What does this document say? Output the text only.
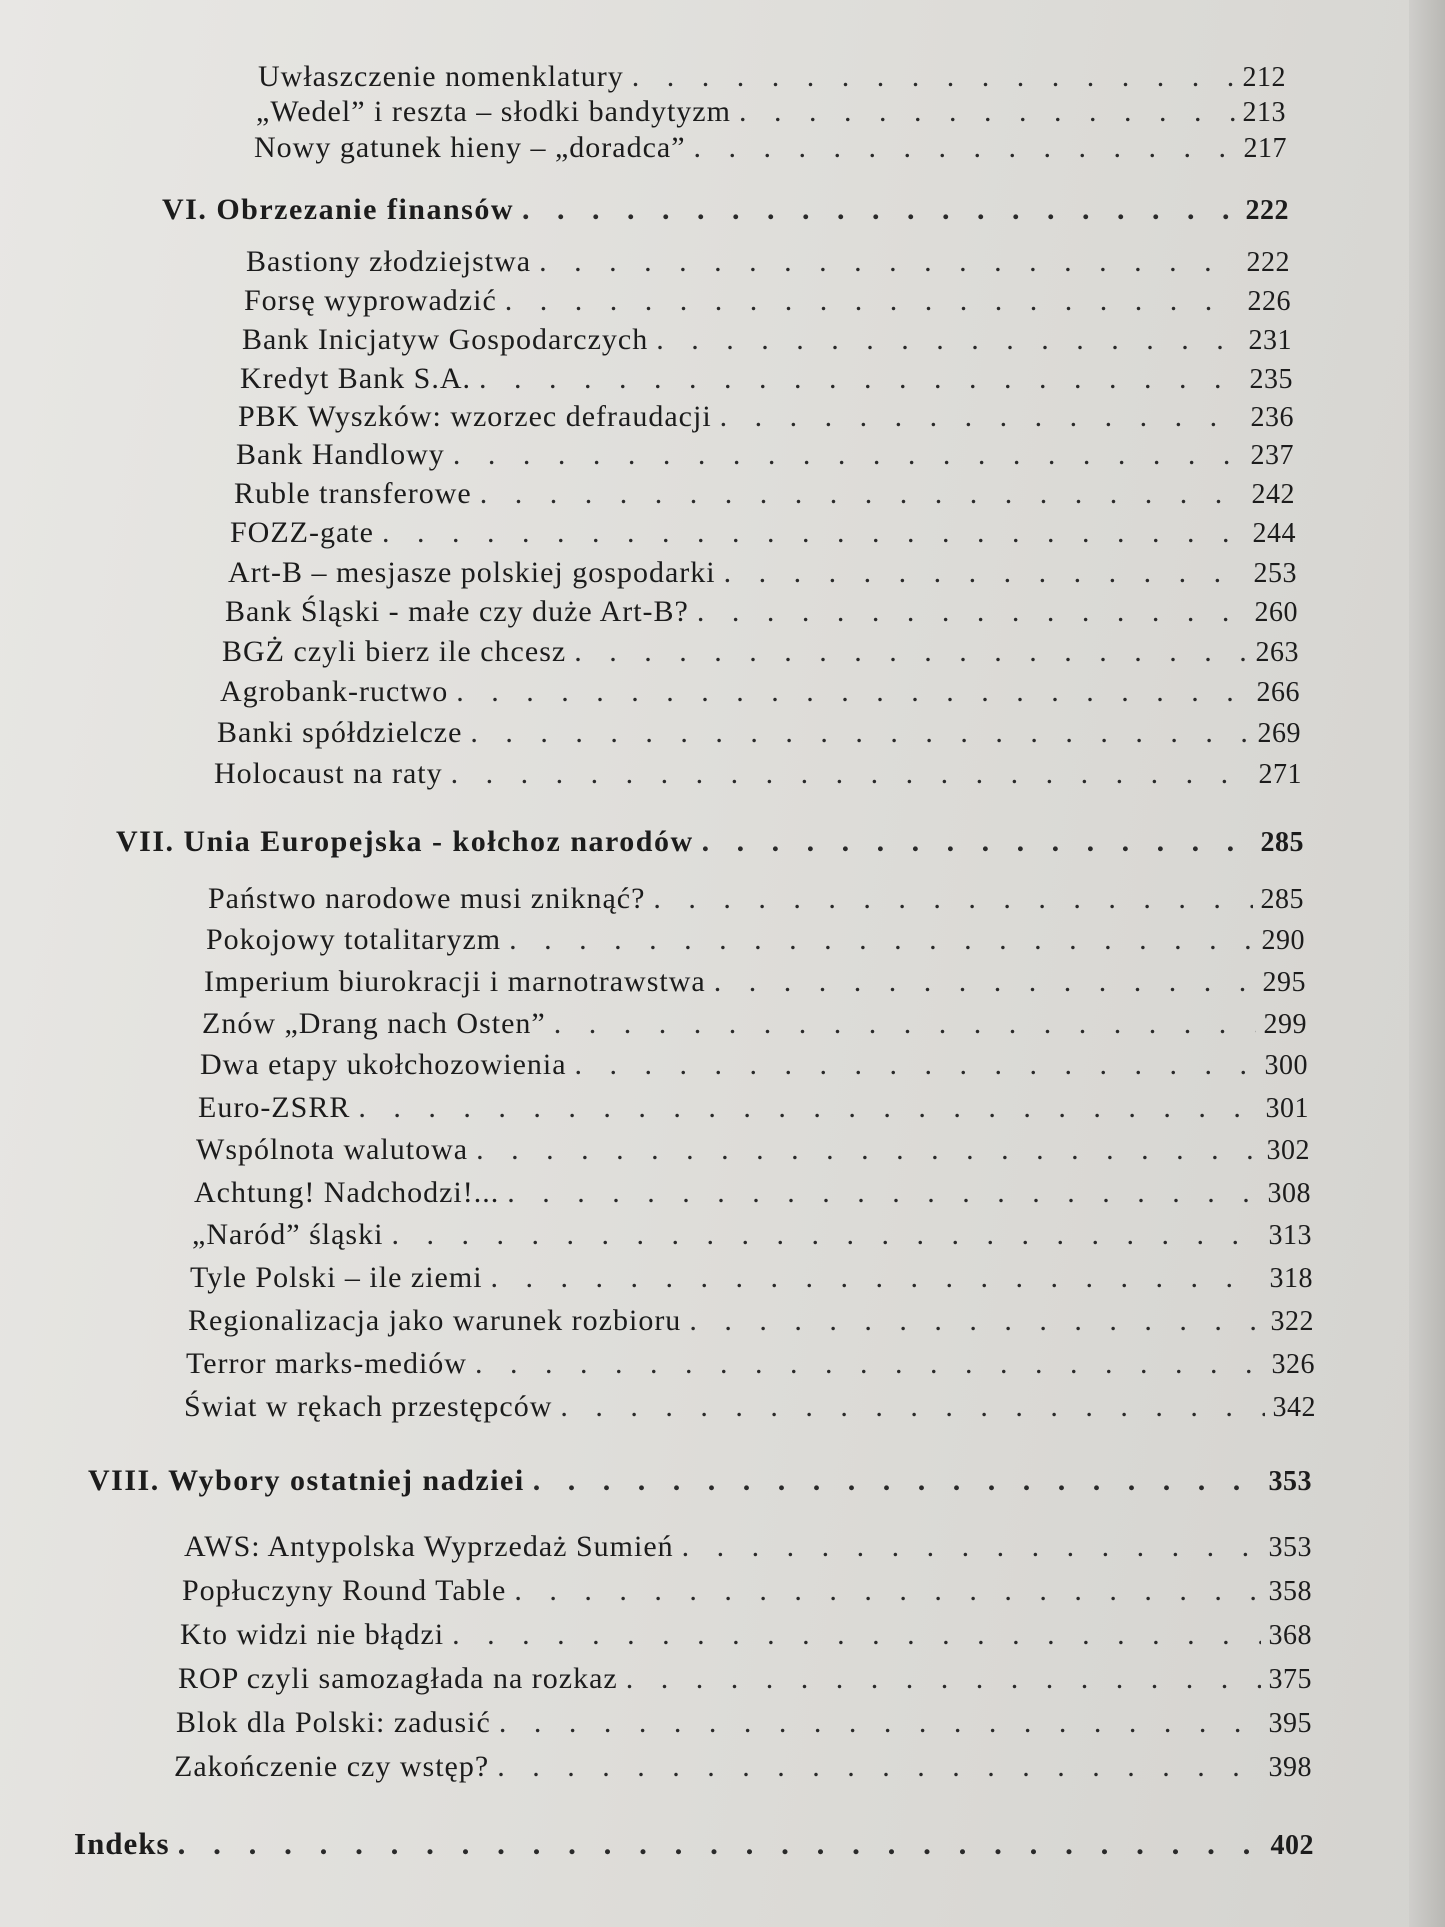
Uwłaszczenie nomenklatury . . .	212
„Wedel” i reszta – słodki bandytyzm . . .	213
Nowy gatunek hieny – „doradca” . . .	217
VI. Obrzezanie finansów . . .	222
Bastiony złodziejstwa . . .	222
Forsę wyprowadzić . . .	226
Bank Inicjatyw Gospodarczych . . .	231
Kredyt Bank S.A. . . .	235
PBK Wyszków: wzorzec defraudacji . . .	236
Bank Handlowy . . .	237
Ruble transferowe . . .	242
FOZZ-gate . . .	244
Art-B – mesjasze polskiej gospodarki . . .	253
Bank Śląski - małe czy duże Art-B? . . .	260
BGŻ czyli bierz ile chcesz . . .	263
Agrobank-ructwo . . .	266
Banki spółdzielcze . . .	269
Holocaust na raty . . .	271
VII. Unia Europejska - kołchoz narodów . . .	285
Państwo narodowe musi zniknąć? . . .	285
Pokojowy totalitaryzm . . .	290
Imperium biurokracji i marnotrawstwa . . .	295
Znów „Drang nach Osten” . . .	299
Dwa etapy ukołchozowienia . . .	300
Euro-ZSRR . . .	301
Wspólnota walutowa . . .	302
Achtung! Nadchodzi!... . . .	308
„Naród” śląski . . .	313
Tyle Polski – ile ziemi . . .	318
Regionalizacja jako warunek rozbioru . . .	322
Terror marks-mediów . . .	326
Świat w rękach przestępców . . .	342
VIII. Wybory ostatniej nadziei . . .	353
AWS: Antypolska Wyprzedaż Sumień . . .	353
Popłuczyny Round Table . . .	358
Kto widzi nie błądzi . . .	368
ROP czyli samozagłada na rozkaz . . .	375
Blok dla Polski: zadusić . . .	395
Zakończenie czy wstęp? . . .	398
Indeks . . .	402
